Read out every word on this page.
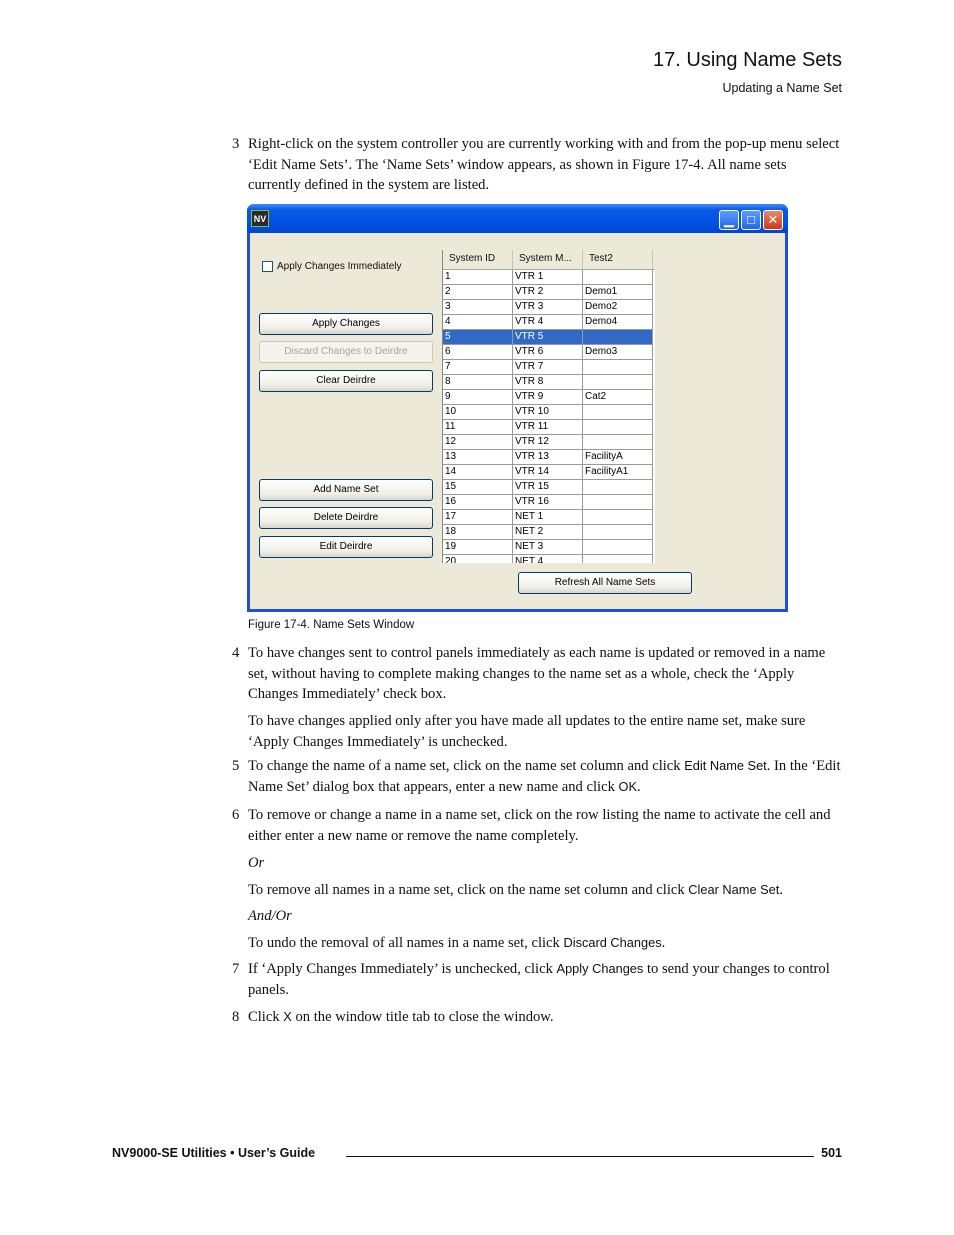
17. Using Name Sets
Updating a Name Set
3 Right-click on the system controller you are currently working with and from the pop-up menu select ‘Edit Name Sets’. The ‘Name Sets’ window appears, as shown in Figure 17-4. All name sets currently defined in the system are listed.
NV	▁	□ ✕
Apply Changes Immediately
Apply Changes
Discard Changes to Deirdre
Clear Deirdre
Add Name Set
Delete Deirdre
Edit Deirdre
System ID	System M...	Test2
1	VTR 1
2	VTR 2	Demo1
3	VTR 3	Demo2
4	VTR 4	Demo4
5	VTR 5
6	VTR 6	Demo3
7	VTR 7
8	VTR 8
9	VTR 9	Cat2
10	VTR 10
11	VTR 11
12	VTR 12
13	VTR 13	FacilityA
14	VTR 14	FacilityA1
15	VTR 15
16	VTR 16
17	NET 1
18	NET 2
19	NET 3
20	NET 4
Refresh All Name Sets
Figure 17-4. Name Sets Window
4 To have changes sent to control panels immediately as each name is updated or removed in a name set, without having to complete making changes to the name set as a whole, check the ‘Apply Changes Immediately’ check box.
To have changes applied only after you have made all updates to the entire name set, make sure ‘Apply Changes Immediately’ is unchecked.
5 To change the name of a name set, click on the name set column and click Edit Name Set. In the ‘Edit Name Set’ dialog box that appears, enter a new name and click OK.
6 To remove or change a name in a name set, click on the row listing the name to activate the cell and either enter a new name or remove the name completely.
Or
To remove all names in a name set, click on the name set column and click Clear Name Set.
And/Or
To undo the removal of all names in a name set, click Discard Changes.
7 If ‘Apply Changes Immediately’ is unchecked, click Apply Changes to send your changes to control panels.
8 Click X on the window title tab to close the window.
NV9000-SE Utilities • User’s Guide	501
